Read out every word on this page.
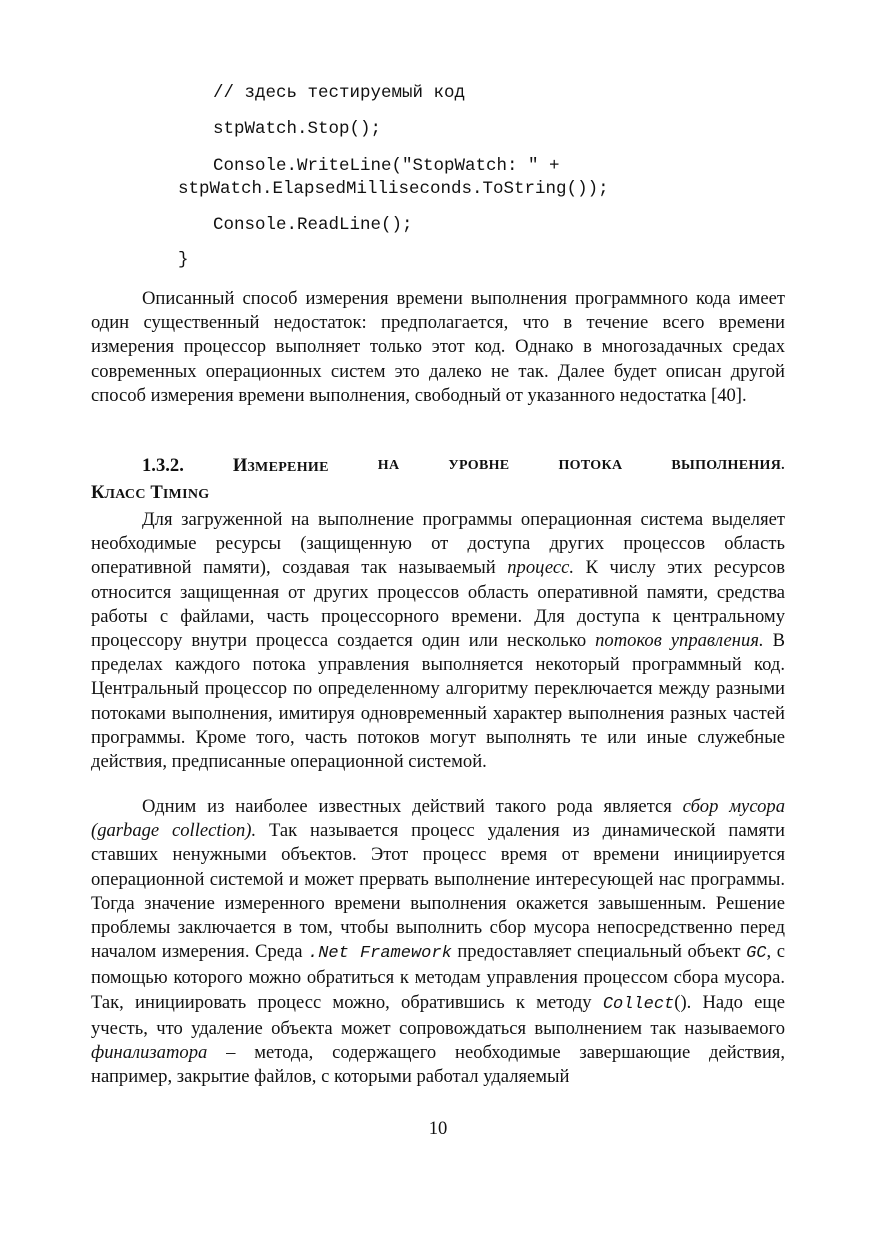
// здесь тестируемый код
stpWatch.Stop();
Console.WriteLine("StopWatch: " +
stpWatch.ElapsedMilliseconds.ToString());
Console.ReadLine();
}

Описанный способ измерения времени выполнения программного кода имеет один существенный недостаток: предполагается, что в течение всего времени измерения процессор выполняет только этот код. Однако в многозадачных средах современных операционных систем это далеко не так. Далее будет описан другой способ измерения времени выполнения, свободный от указанного недостатка [40].

1.3.2.	ИЗМЕРЕНИЕ	НА	УРОВНЕ	ПОТОКА	ВЫПОЛНЕНИЯ.
КЛАСС TIMING

Для загруженной на выполнение программы операционная система выделяет необходимые ресурсы (защищенную от доступа других процессов область оперативной памяти), создавая так называемый процесс. К числу этих ресурсов относится защищенная от других процессов область оперативной памяти, средства работы с файлами, часть процессорного времени. Для доступа к центральному процессору внутри процесса создается один или несколько потоков управления. В пределах каждого потока управления выполняется некоторый программный код. Центральный процессор по определенному алгоритму переключается между разными потоками выполнения, имитируя одновременный характер выполнения разных частей программы. Кроме того, часть потоков могут выполнять те или иные служебные действия, предписанные операционной системой.

Одним из наиболее известных действий такого рода является сбор мусора (garbage collection). Так называется процесс удаления из динамической памяти ставших ненужными объектов. Этот процесс время от времени инициируется операционной системой и может прервать выполнение интересующей нас программы. Тогда значение измеренного времени выполнения окажется завышенным. Решение проблемы заключается в том, чтобы выполнить сбор мусора непосредственно перед началом измерения. Среда .Net Framework предоставляет специальный объект GC, с помощью которого можно обратиться к методам управления процессом сбора мусора. Так, инициировать процесс можно, обратившись к методу Collect(). Надо еще учесть, что удаление объекта может сопровождаться выполнением так называемого финализатора – метода, содержащего необходимые завершающие действия, например, закрытие файлов, с которыми работал удаляемый

10
